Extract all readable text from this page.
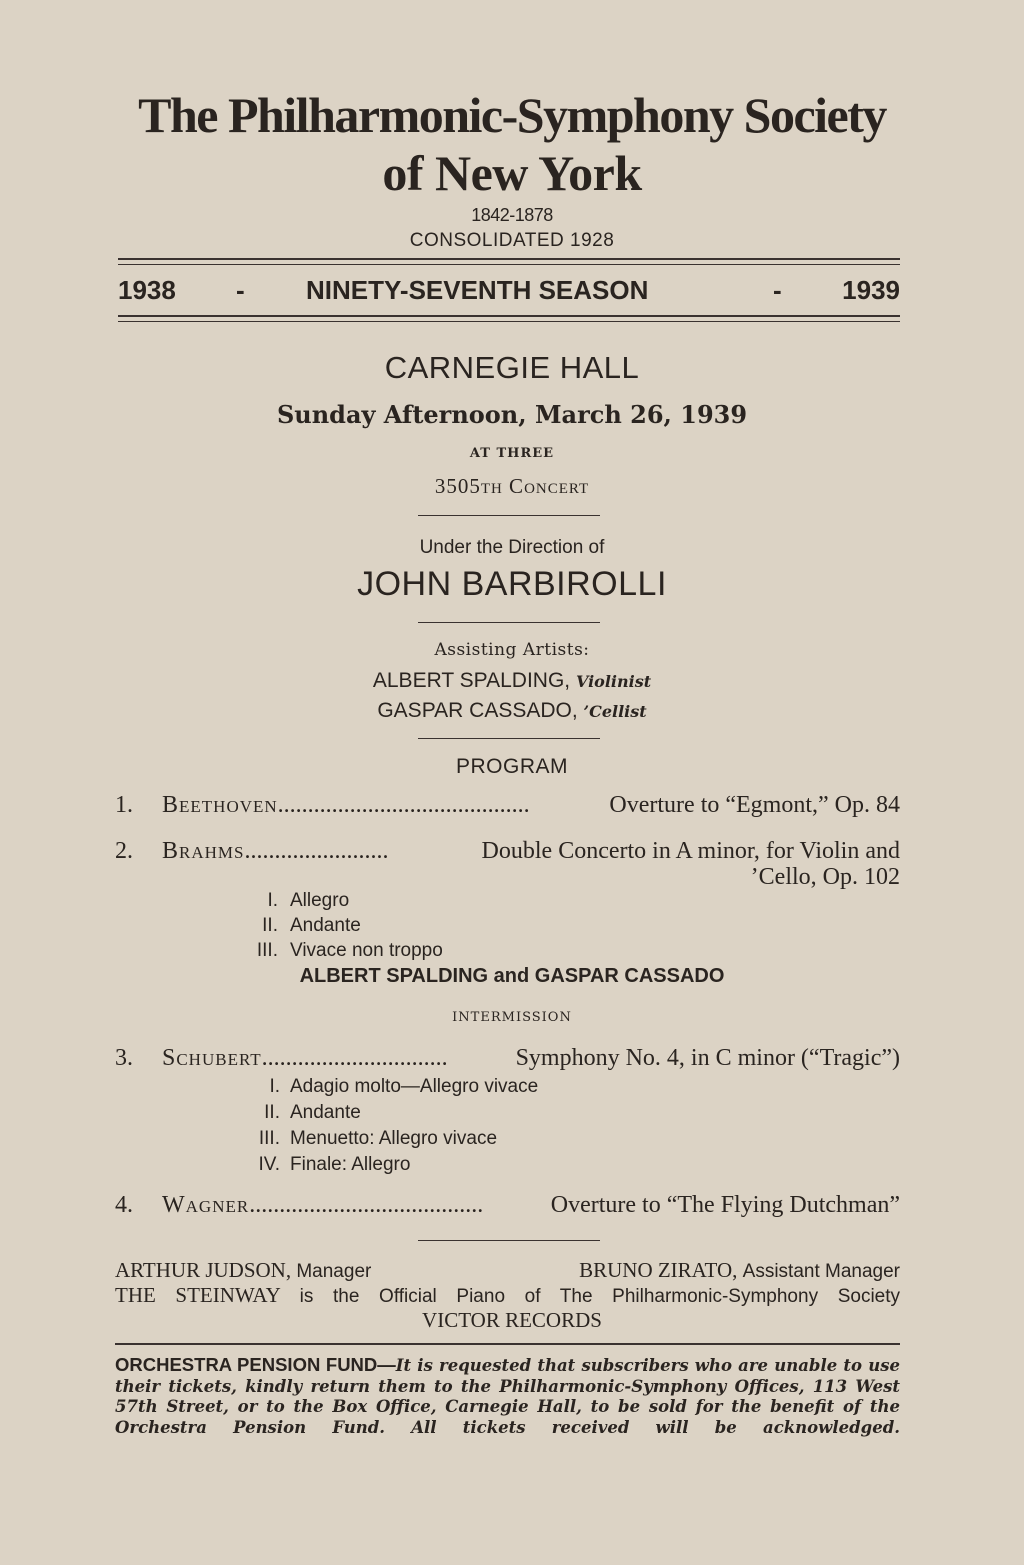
The Philharmonic-Symphony Society
of New York
1842-1878
CONSOLIDATED 1928
1938 - NINETY-SEVENTH SEASON	- 1939
CARNEGIE HALL
Sunday Afternoon, March 26, 1939
AT THREE
3505th Concert
Under the Direction of
JOHN BARBIROLLI
Assisting Artists:
ALBERT SPALDING, Violinist
GASPAR CASSADO, ’Cellist
PROGRAM
1. Beethoven..........................................	Overture to “Egmont,” Op. 84
2. Brahms........................	Double Concerto in A minor, for Violin and
’Cello, Op. 102
I. Allegro
II. Andante
III. Vivace non troppo
ALBERT SPALDING and GASPAR CASSADO
INTERMISSION
3. Schubert...............................	Symphony No. 4, in C minor (“Tragic”)
I. Adagio molto—Allegro vivace
II. Andante
III. Menuetto: Allegro vivace
IV. Finale: Allegro
4. Wagner.......................................	Overture to “The Flying Dutchman”
ARTHUR JUDSON, Manager	BRUNO ZIRATO, Assistant Manager
THE STEINWAY is the Official Piano of The Philharmonic-Symphony Society
VICTOR RECORDS
ORCHESTRA PENSION FUND—It is requested that subscribers who are unable to use their tickets, kindly return them to the Philharmonic-Symphony Offices, 113 West 57th Street, or to the Box Office, Carnegie Hall, to be sold for the benefit of the Orchestra Pension Fund. All tickets received will be acknowledged.
